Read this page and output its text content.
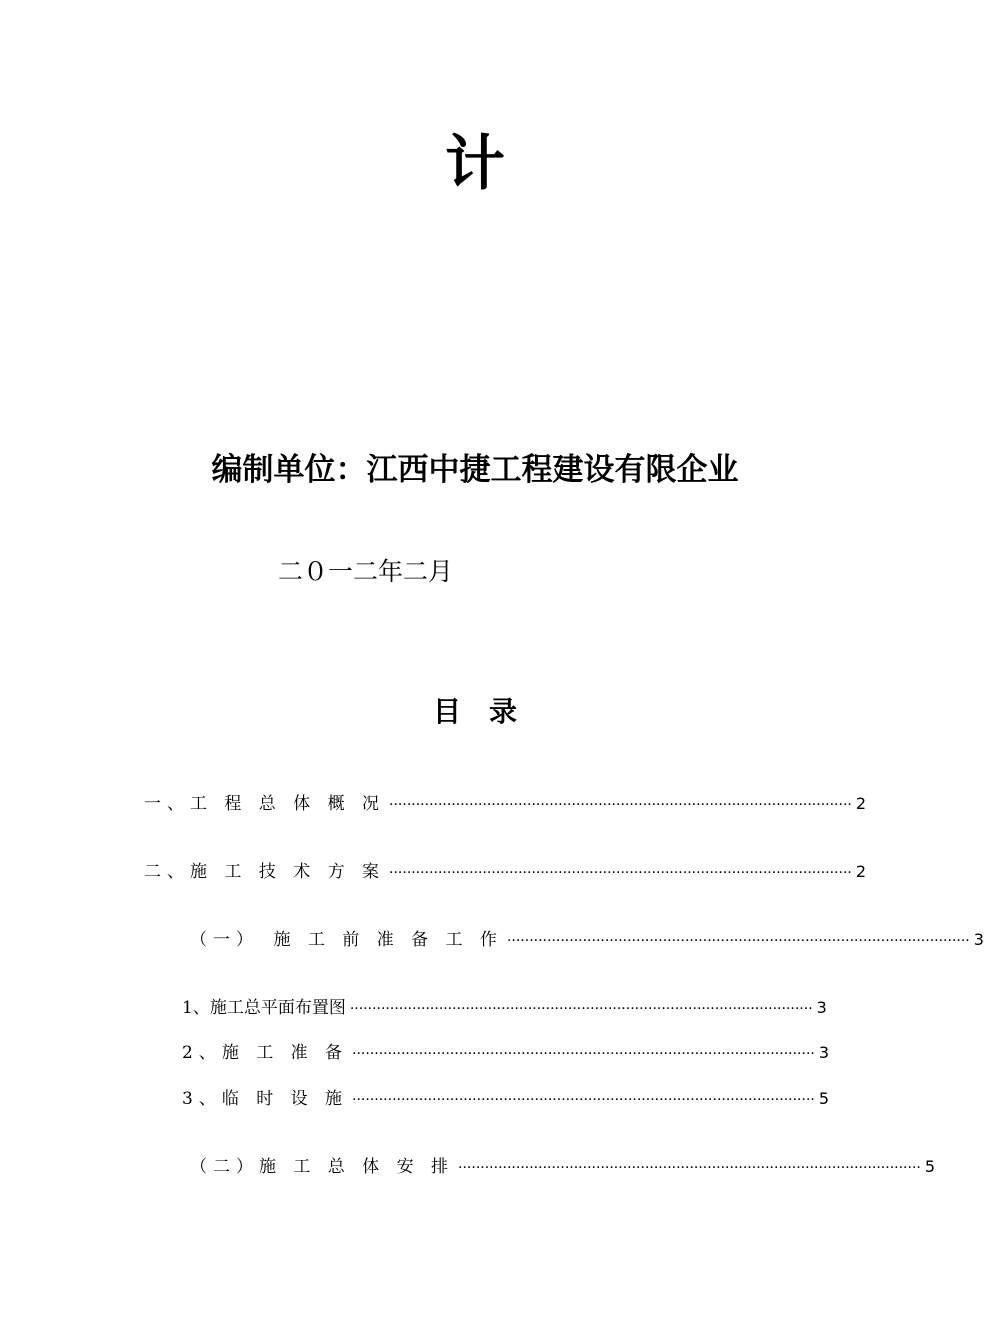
计
编制单位：江西中捷工程建设有限企业
二０一二年二月
目　录
一、工 程 总 体 概 况 ········································································································ 2
二、施 工 技 术 方 案 ········································································································ 2
（一）　施 工 前 准 备 工 作 ········································································································ 3
1、施工总平面布置图 ········································································································ 3
2、施 工 准 备 ········································································································ 3
3、临 时 设 施 ········································································································ 5
（二）施 工 总 体 安 排 ········································································································ 5
